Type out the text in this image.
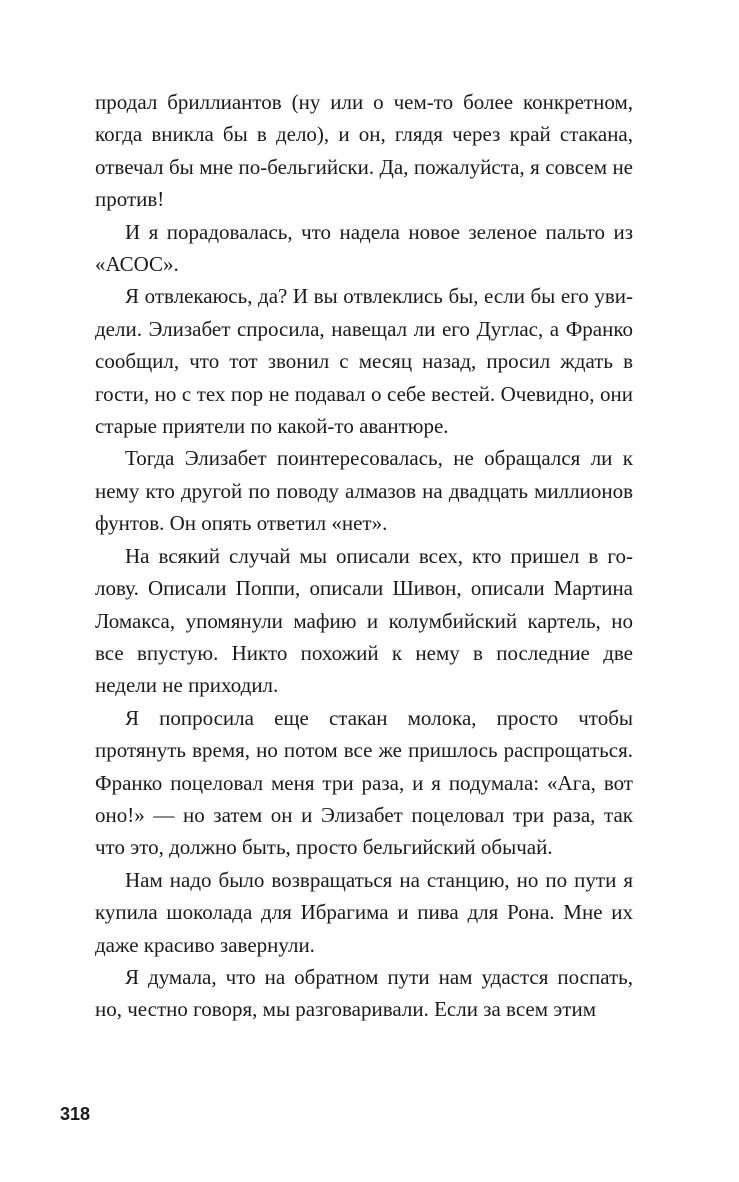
продал бриллиантов (ну или о чем-то более конкретном, когда вникла бы в дело), и он, глядя через край стакана, отвечал бы мне по-бельгийски. Да, пожалуйста, я совсем не против!

И я порадовалась, что надела новое зеленое пальто из «АСОС».

Я отвлекаюсь, да? И вы отвлеклись бы, если бы его увидели. Элизабет спросила, навещал ли его Дуглас, а Франко сообщил, что тот звонил с месяц назад, просил ждать в гости, но с тех пор не подавал о себе вестей. Очевидно, они старые приятели по какой-то авантюре.

Тогда Элизабет поинтересовалась, не обращался ли к нему кто другой по поводу алмазов на двадцать миллионов фунтов. Он опять ответил «нет».

На всякий случай мы описали всех, кто пришел в голову. Описали Поппи, описали Шивон, описали Мартина Ломакса, упомянули мафию и колумбийский картель, но все впустую. Никто похожий к нему в последние две недели не приходил.

Я попросила еще стакан молока, просто чтобы протянуть время, но потом все же пришлось распрощаться. Франко поцеловал меня три раза, и я подумала: «Ага, вот оно!» — но затем он и Элизабет поцеловал три раза, так что это, должно быть, просто бельгийский обычай.

Нам надо было возвращаться на станцию, но по пути я купила шоколада для Ибрагима и пива для Рона. Мне их даже красиво завернули.

Я думала, что на обратном пути нам удастся поспать, но, честно говоря, мы разговаривали. Если за всем этим

318
